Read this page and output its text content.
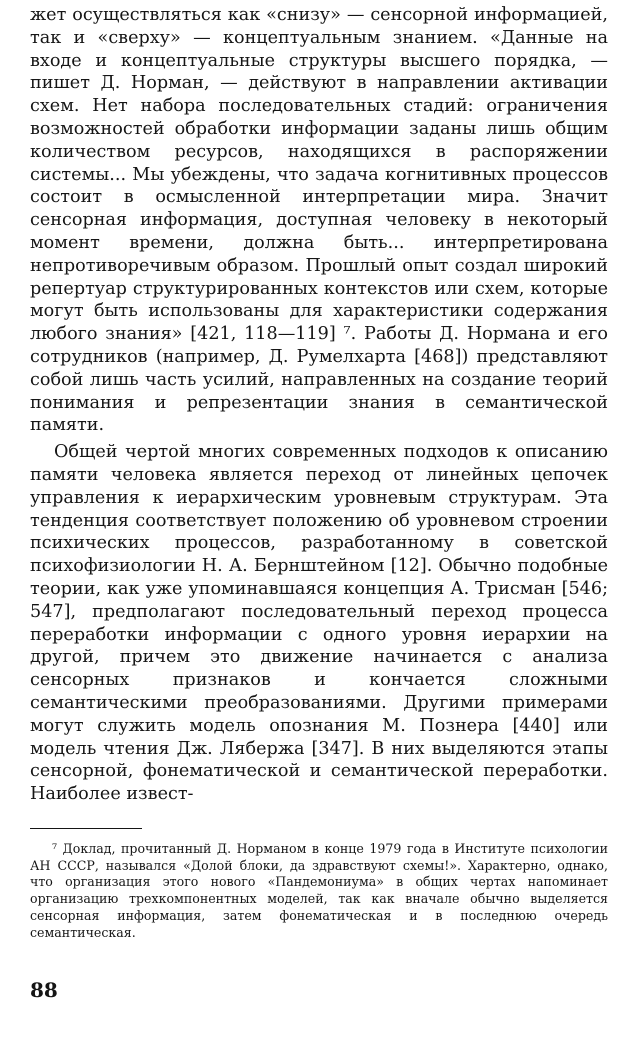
жет осуществляться как «снизу» — сенсорной информацией, так и «сверху» — концептуальным знанием. «Данные на входе и концептуальные структуры высшего порядка, — пишет Д. Норман, — действуют в направлении активации схем. Нет набора последовательных стадий: ограничения возможностей обработки информации заданы лишь общим количеством ресурсов, находящихся в распоряжении системы... Мы убеждены, что задача когнитивных процессов состоит в осмысленной интерпретации мира. Значит сенсорная информация, доступная человеку в некоторый момент времени, должна быть... интерпретирована непротиворечивым образом. Прошлый опыт создал широкий репертуар структурированных контекстов или схем, которые могут быть использованы для характеристики содержания любого знания» [421, 118—119] ⁷. Работы Д. Нормана и его сотрудников (например, Д. Румелхарта [468]) представляют собой лишь часть усилий, направленных на создание теорий понимания и репрезентации знания в семантической памяти.

Общей чертой многих современных подходов к описанию памяти человека является переход от линейных цепочек управления к иерархическим уровневым структурам. Эта тенденция соответствует положению об уровневом строении психических процессов, разработанному в советской психофизиологии Н. А. Бернштейном [12]. Обычно подобные теории, как уже упоминавшаяся концепция А. Трисман [546; 547], предполагают последовательный переход процесса переработки информации с одного уровня иерархии на другой, причем это движение начинается с анализа сенсорных признаков и кончается сложными семантическими преобразованиями. Другими примерами могут служить модель опознания М. Познера [440] или модель чтения Дж. Лябержа [347]. В них выделяются этапы сенсорной, фонематической и семантической переработки. Наиболее извест-

⁷ Доклад, прочитанный Д. Норманом в конце 1979 года в Институте психологии АН СССР, назывался «Долой блоки, да здравствуют схемы!». Характерно, однако, что организация этого нового «Пандемониума» в общих чертах напоминает организацию трехкомпонентных моделей, так как вначале обычно выделяется сенсорная информация, затем фонематическая и в последнюю очередь семантическая.

88
